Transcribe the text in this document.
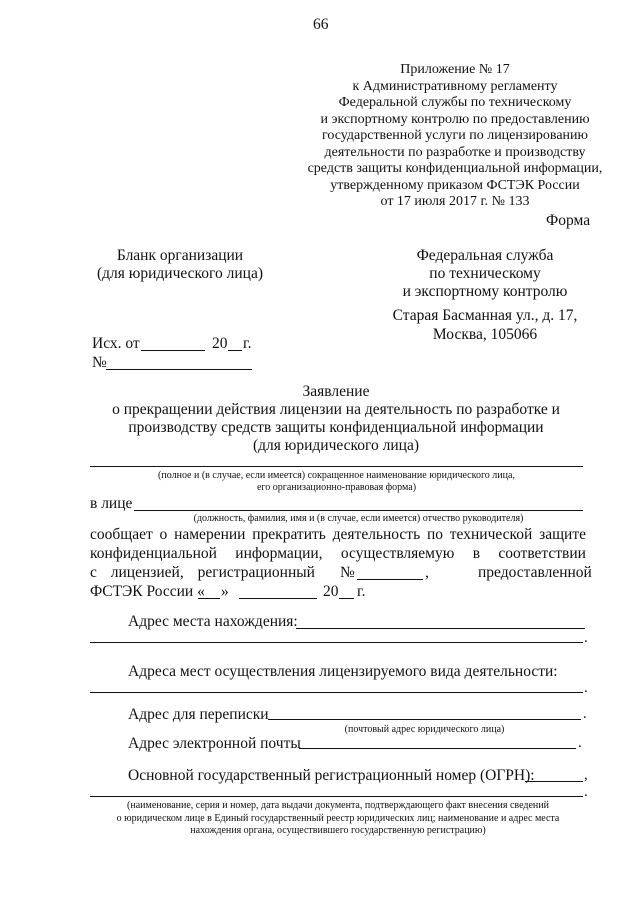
66
Приложение № 17
к Административному регламенту
Федеральной службы по техническому
и экспортному контролю по предоставлению
государственной услуги по лицензированию
деятельности по разработке и производству
средств защиты конфиденциальной информации,
утвержденному приказом ФСТЭК России
от 17 июля 2017 г. № 133
Форма
Бланк организации
(для юридического лица)
Федеральная служба
по техническому
и экспортному контролю
Старая Басманная ул., д. 17,
Москва, 105066
Исх. от	20 г.
№
Заявление
о прекращении действия лицензии на деятельность по разработке и
производству средств защиты конфиденциальной информации
(для юридического лица)
(полное и (в случае, если имеется) сокращенное наименование юридического лица,
его организационно-правовая форма)
в лице
(должность, фамилия, имя и (в случае, если имеется) отчество руководителя)
сообщает о намерении прекратить деятельность по технической защите
конфиденциальной информации, осуществляемую в соответствии
с лицензией, регистрационный №	,	предоставленной
ФСТЭК России « »	20 г.
Адрес места нахождения:
.
Адреса мест осуществления лицензируемого вида деятельности:
.
Адрес для переписки	.
(почтовый адрес юридического лица)
Адрес электронной почты	.
Основной государственный регистрационный номер (ОГРН):	,
.
(наименование, серия и номер, дата выдачи документа, подтверждающего факт внесения сведений
о юридическом лице в Единый государственный реестр юридических лиц; наименование и адрес места
нахождения органа, осуществившего государственную регистрацию)
